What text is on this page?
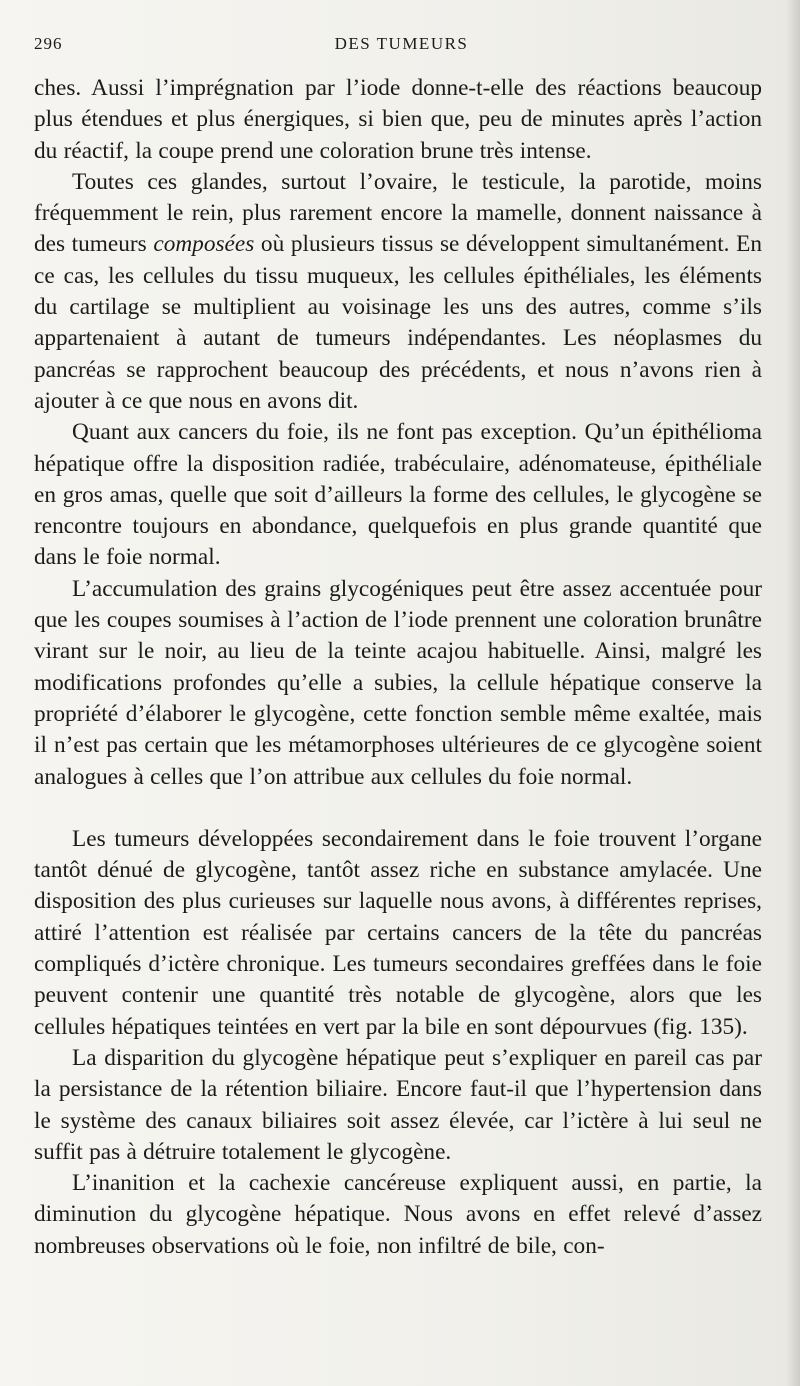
296	DES TUMEURS

ches. Aussi l’imprégnation par l’iode donne-t-elle des réactions beaucoup plus étendues et plus énergiques, si bien que, peu de minutes après l’action du réactif, la coupe prend une coloration brune très intense.

Toutes ces glandes, surtout l’ovaire, le testicule, la parotide, moins fréquemment le rein, plus rarement encore la mamelle, donnent naissance à des tumeurs composées où plusieurs tissus se développent simultanément. En ce cas, les cellules du tissu muqueux, les cellules épithéliales, les éléments du cartilage se multiplient au voisinage les uns des autres, comme s’ils appartenaient à autant de tumeurs indépendantes. Les néoplasmes du pancréas se rapprochent beaucoup des précédents, et nous n’avons rien à ajouter à ce que nous en avons dit.

Quant aux cancers du foie, ils ne font pas exception. Qu’un épithélioma hépatique offre la disposition radiée, trabéculaire, adénomateuse, épithéliale en gros amas, quelle que soit d’ailleurs la forme des cellules, le glycogène se rencontre toujours en abondance, quelquefois en plus grande quantité que dans le foie normal.

L’accumulation des grains glycogéniques peut être assez accentuée pour que les coupes soumises à l’action de l’iode prennent une coloration brunâtre virant sur le noir, au lieu de la teinte acajou habituelle. Ainsi, malgré les modifications profondes qu’elle a subies, la cellule hépatique conserve la propriété d’élaborer le glycogène, cette fonction semble même exaltée, mais il n’est pas certain que les métamorphoses ultérieures de ce glycogène soient analogues à celles que l’on attribue aux cellules du foie normal.

Les tumeurs développées secondairement dans le foie trouvent l’organe tantôt dénué de glycogène, tantôt assez riche en substance amylacée. Une disposition des plus curieuses sur laquelle nous avons, à différentes reprises, attiré l’attention est réalisée par certains cancers de la tête du pancréas compliqués d’ictère chronique. Les tumeurs secondaires greffées dans le foie peuvent contenir une quantité très notable de glycogène, alors que les cellules hépatiques teintées en vert par la bile en sont dépourvues (fig. 135).

La disparition du glycogène hépatique peut s’expliquer en pareil cas par la persistance de la rétention biliaire. Encore faut-il que l’hypertension dans le système des canaux biliaires soit assez élevée, car l’ictère à lui seul ne suffit pas à détruire totalement le glycogène.

L’inanition et la cachexie cancéreuse expliquent aussi, en partie, la diminution du glycogène hépatique. Nous avons en effet relevé d’assez nombreuses observations où le foie, non infiltré de bile, con-
